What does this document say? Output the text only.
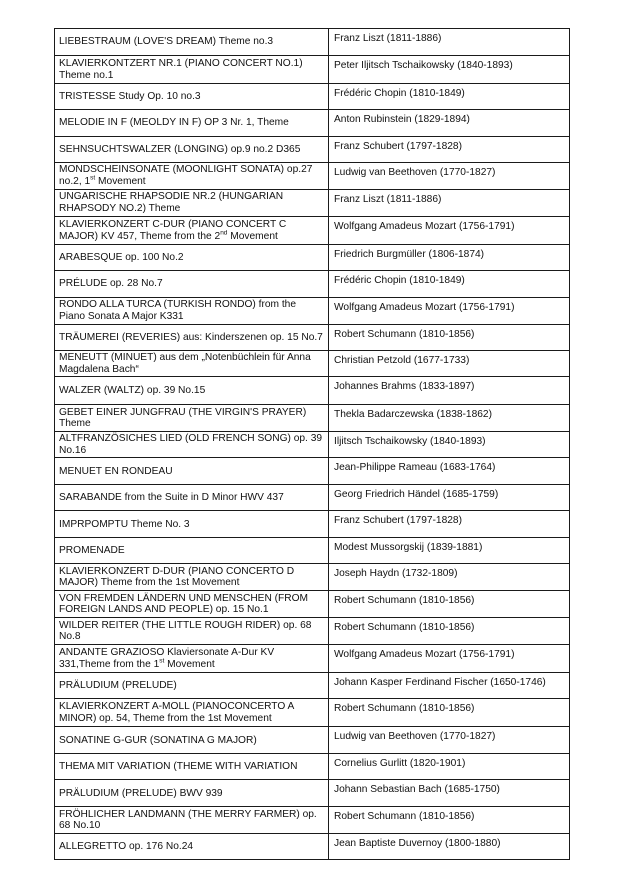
LIEBESTRAUM (LOVE'S DREAM) Theme no.3	Franz Liszt (1811-1886)
KLAVIERKONTZERT NR.1 (PIANO CONCERT NO.1) Theme no.1	Peter Iljitsch Tschaikowsky (1840-1893)
TRISTESSE Study Op. 10 no.3	Frédéric Chopin (1810-1849)
MELODIE IN F (MEOLDY IN F) OP 3 Nr. 1, Theme	Anton Rubinstein (1829-1894)
SEHNSUCHTSWALZER (LONGING) op.9 no.2 D365	Franz Schubert (1797-1828)
MONDSCHEINSONATE (MOONLIGHT SONATA) op.27 no.2, 1st Movement	Ludwig van Beethoven (1770-1827)
UNGARISCHE RHAPSODIE NR.2 (HUNGARIAN RHAPSODY NO.2) Theme	Franz Liszt (1811-1886)
KLAVIERKONZERT C-DUR (PIANO CONCERT C MAJOR) KV 457, Theme from the 2nd Movement	Wolfgang Amadeus Mozart (1756-1791)
ARABESQUE op. 100 No.2	Friedrich Burgmüller (1806-1874)
PRÉLUDE op. 28 No.7	Frédéric Chopin (1810-1849)
RONDO ALLA TURCA (TURKISH RONDO) from the Piano Sonata A Major K331	Wolfgang Amadeus Mozart (1756-1791)
TRÄUMEREI (REVERIES) aus: Kinderszenen op. 15 No.7	Robert Schumann (1810-1856)
MENEUTT (MINUET) aus dem „Notenbüchlein für Anna Magdalena Bach“	Christian Petzold (1677-1733)
WALZER (WALTZ) op. 39 No.15	Johannes Brahms (1833-1897)
GEBET EINER JUNGFRAU (THE VIRGIN'S PRAYER) Theme	Thekla Badarczewska (1838-1862)
ALTFRANZÖSICHES LIED (OLD FRENCH SONG) op. 39 No.16	Iljitsch Tschaikowsky (1840-1893)
MENUET EN RONDEAU	Jean-Philippe Rameau (1683-1764)
SARABANDE from the Suite in D Minor HWV 437	Georg Friedrich Händel (1685-1759)
IMPRPOMPTU Theme No. 3	Franz Schubert (1797-1828)
PROMENADE	Modest Mussorgskij (1839-1881)
KLAVIERKONZERT D-DUR (PIANO CONCERTO D MAJOR) Theme from the 1st Movement	Joseph Haydn (1732-1809)
VON FREMDEN LÄNDERN UND MENSCHEN (FROM FOREIGN LANDS AND PEOPLE) op. 15 No.1	Robert Schumann (1810-1856)
WILDER REITER (THE LITTLE ROUGH RIDER) op. 68 No.8	Robert Schumann (1810-1856)
ANDANTE GRAZIOSO Klaviersonate A-Dur KV 331,Theme from the 1st Movement	Wolfgang Amadeus Mozart (1756-1791)
PRÄLUDIUM (PRELUDE)	Johann Kasper Ferdinand Fischer (1650-1746)
KLAVIERKONZERT A-MOLL (PIANOCONCERTO A MINOR) op. 54, Theme from the 1st Movement	Robert Schumann (1810-1856)
SONATINE G-GUR (SONATINA G MAJOR)	Ludwig van Beethoven (1770-1827)
THEMA MIT VARIATION (THEME WITH VARIATION	Cornelius Gurlitt (1820-1901)
PRÄLUDIUM (PRELUDE) BWV 939	Johann Sebastian Bach (1685-1750)
FRÖHLICHER LANDMANN (THE MERRY FARMER) op. 68 No.10	Robert Schumann (1810-1856)
ALLEGRETTO op. 176 No.24	Jean Baptiste Duvernoy (1800-1880)
